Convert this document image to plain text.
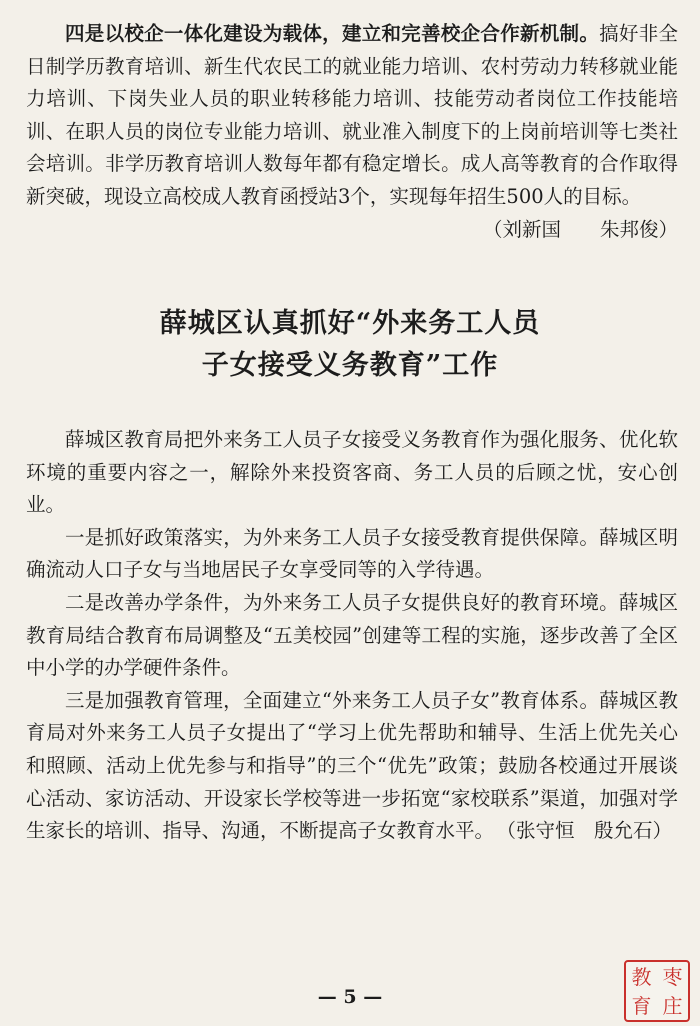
四是以校企一体化建设为载体，建立和完善校企合作新机制。搞好非全日制学历教育培训、新生代农民工的就业能力培训、农村劳动力转移就业能力培训、下岗失业人员的职业转移能力培训、技能劳动者岗位工作技能培训、在职人员的岗位专业能力培训、就业准入制度下的上岗前培训等七类社会培训。非学历教育培训人数每年都有稳定增长。成人高等教育的合作取得新突破，现设立高校成人教育函授站3个，实现每年招生500人的目标。
（刘新国　　朱邦俊）

薛城区认真抓好“外来务工人员

子女接受义务教育”工作

薛城区教育局把外来务工人员子女接受义务教育作为强化服务、优化软环境的重要内容之一，解除外来投资客商、务工人员的后顾之忧，安心创业。

一是抓好政策落实，为外来务工人员子女接受教育提供保障。薛城区明确流动人口子女与当地居民子女享受同等的入学待遇。

二是改善办学条件，为外来务工人员子女提供良好的教育环境。薛城区教育局结合教育布局调整及“五美校园”创建等工程的实施，逐步改善了全区中小学的办学硬件条件。

三是加强教育管理，全面建立“外来务工人员子女”教育体系。薛城区教育局对外来务工人员子女提出了“学习上优先帮助和辅导、生活上优先关心和照顾、活动上优先参与和指导”的三个“优先”政策；鼓励各校通过开展谈心活动、家访活动、开设家长学校等进一步拓宽“家校联系”渠道，加强对学生家长的培训、指导、沟通，不断提高子女教育水平。 （张守恒　殷允石）
— 5 —
教 枣
育 庄
